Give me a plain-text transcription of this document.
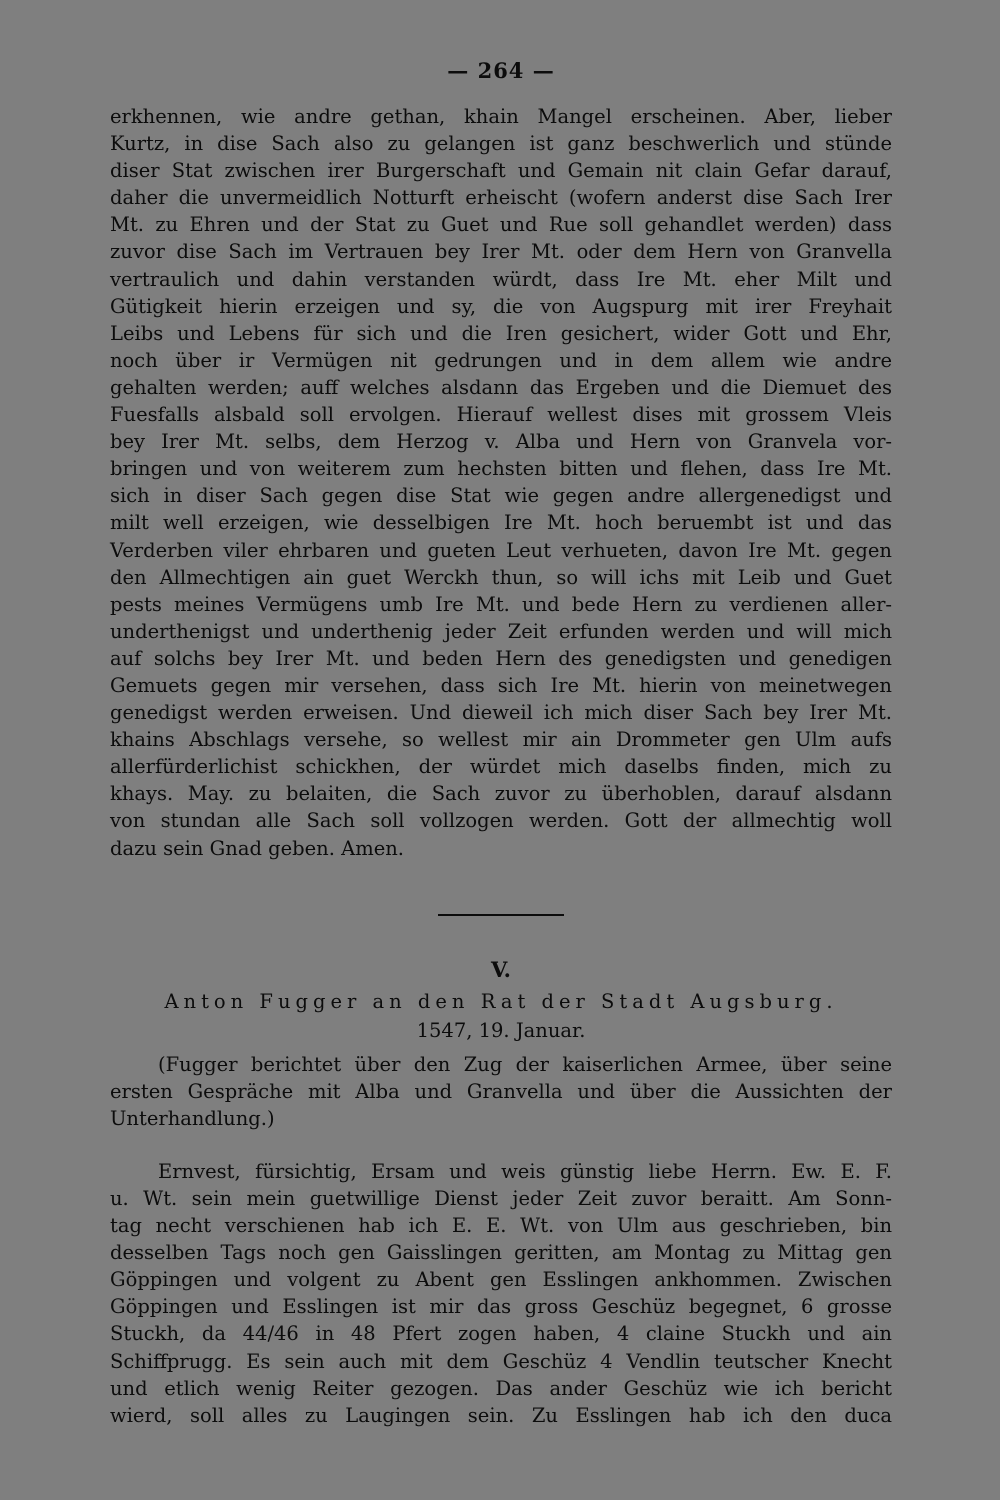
— 264 —
erkhennen, wie andre gethan, khain Mangel erscheinen. Aber, lieber
Kurtz, in dise Sach also zu gelangen ist ganz beschwerlich und stünde
diser Stat zwischen irer Burgerschaft und Gemain nit clain Gefar darauf,
daher die unvermeidlich Notturft erheischt (wofern anderst dise Sach Irer
Mt. zu Ehren und der Stat zu Guet und Rue soll gehandlet werden) dass
zuvor dise Sach im Vertrauen bey Irer Mt. oder dem Hern von Granvella
vertraulich und dahin verstanden würdt, dass Ire Mt. eher Milt und
Gütigkeit hierin erzeigen und sy, die von Augspurg mit irer Freyhait
Leibs und Lebens für sich und die Iren gesichert, wider Gott und Ehr,
noch über ir Vermügen nit gedrungen und in dem allem wie andre
gehalten werden; auff welches alsdann das Ergeben und die Diemuet des
Fuesfalls alsbald soll ervolgen. Hierauf wellest dises mit grossem Vleis
bey Irer Mt. selbs, dem Herzog v. Alba und Hern von Granvela vor-
bringen und von weiterem zum hechsten bitten und flehen, dass Ire Mt.
sich in diser Sach gegen dise Stat wie gegen andre allergenedigst und
milt well erzeigen, wie desselbigen Ire Mt. hoch beruembt ist und das
Verderben viler ehrbaren und gueten Leut verhueten, davon Ire Mt. gegen
den Allmechtigen ain guet Werckh thun, so will ichs mit Leib und Guet
pests meines Vermügens umb Ire Mt. und bede Hern zu verdienen aller-
underthenigst und underthenig jeder Zeit erfunden werden und will mich
auf solchs bey Irer Mt. und beden Hern des genedigsten und genedigen
Gemuets gegen mir versehen, dass sich Ire Mt. hierin von meinetwegen
genedigst werden erweisen. Und dieweil ich mich diser Sach bey Irer Mt.
khains Abschlags versehe, so wellest mir ain Drommeter gen Ulm aufs
allerfürderlichist schickhen, der würdet mich daselbs finden, mich zu
khays. May. zu belaiten, die Sach zuvor zu überhoblen, darauf alsdann
von stundan alle Sach soll vollzogen werden. Gott der allmechtig woll
dazu sein Gnad geben. Amen.
V.
Anton Fugger an den Rat der Stadt Augsburg.
1547, 19. Januar.
(Fugger berichtet über den Zug der kaiserlichen Armee, über seine
ersten Gespräche mit Alba und Granvella und über die Aussichten der
Unterhandlung.)
Ernvest, fürsichtig, Ersam und weis günstig liebe Herrn. Ew. E. F.
u. Wt. sein mein guetwillige Dienst jeder Zeit zuvor beraitt. Am Sonn-
tag necht verschienen hab ich E. E. Wt. von Ulm aus geschrieben, bin
desselben Tags noch gen Gaisslingen geritten, am Montag zu Mittag gen
Göppingen und volgent zu Abent gen Esslingen ankhommen. Zwischen
Göppingen und Esslingen ist mir das gross Geschüz begegnet, 6 grosse
Stuckh, da 44/46 in 48 Pfert zogen haben, 4 claine Stuckh und ain
Schiffprugg. Es sein auch mit dem Geschüz 4 Vendlin teutscher Knecht
und etlich wenig Reiter gezogen. Das ander Geschüz wie ich bericht
wierd, soll alles zu Laugingen sein. Zu Esslingen hab ich den duca
